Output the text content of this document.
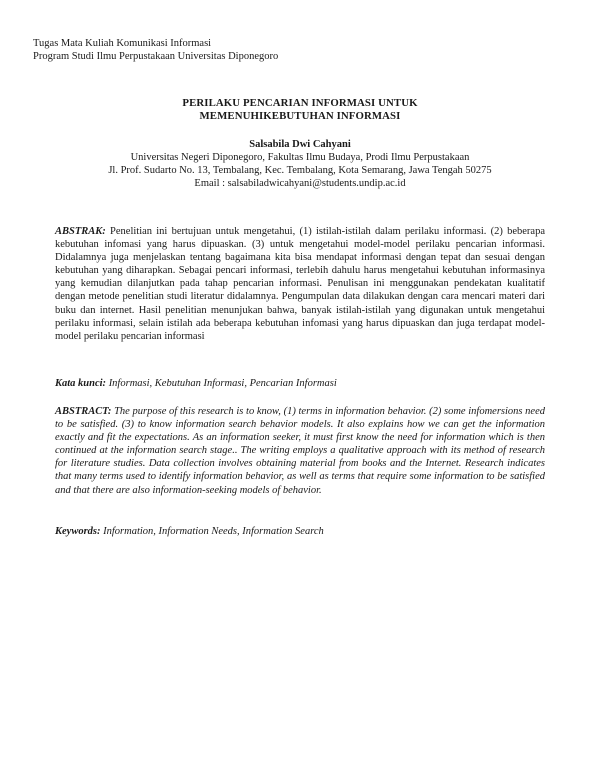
Tugas Mata Kuliah Komunikasi Informasi
Program Studi Ilmu Perpustakaan Universitas Diponegoro
PERILAKU PENCARIAN INFORMASI UNTUK
MEMENUHIKEBUTUHAN INFORMASI
Salsabila Dwi Cahyani
Universitas Negeri Diponegoro, Fakultas Ilmu Budaya, Prodi Ilmu Perpustakaan
Jl. Prof. Sudarto No. 13, Tembalang, Kec. Tembalang, Kota Semarang, Jawa Tengah 50275
Email : salsabiladwicahyani@students.undip.ac.id
ABSTRAK: Penelitian ini bertujuan untuk mengetahui, (1) istilah-istilah dalam perilaku informasi. (2) beberapa kebutuhan infomasi yang harus dipuaskan. (3) untuk mengetahui model-model perilaku pencarian informasi. Didalamnya juga menjelaskan tentang bagaimana kita bisa mendapat informasi dengan tepat dan sesuai dengan kebutuhan yang diharapkan. Sebagai pencari informasi, terlebih dahulu harus mengetahui kebutuhan informasinya yang kemudian dilanjutkan pada tahap pencarian informasi. Penulisan ini menggunakan pendekatan kualitatif dengan metode penelitian studi literatur didalamnya. Pengumpulan data dilakukan dengan cara mencari materi dari buku dan internet. Hasil penelitian menunjukan bahwa, banyak istilah-istilah yang digunakan untuk mengetahui perilaku informasi, selain istilah ada beberapa kebutuhan infomasi yang harus dipuaskan dan juga terdapat model-model perilaku pencarian informasi
Kata kunci: Informasi, Kebutuhan Informasi, Pencarian Informasi
ABSTRACT: The purpose of this research is to know, (1) terms in information behavior. (2) some infomersions need to be satisfied. (3) to know information search behavior models. It also explains how we can get the information exactly and fit the expectations. As an information seeker, it must first know the need for information which is then continued at the information search stage.. The writing employs a qualitative approach with its method of research for literature studies. Data collection involves obtaining material from books and the Internet. Research indicates that many terms used to identify information behavior, as well as terms that require some information to be satisfied and that there are also information-seeking models of behavior.
Keywords: Information, Information Needs, Information Search
